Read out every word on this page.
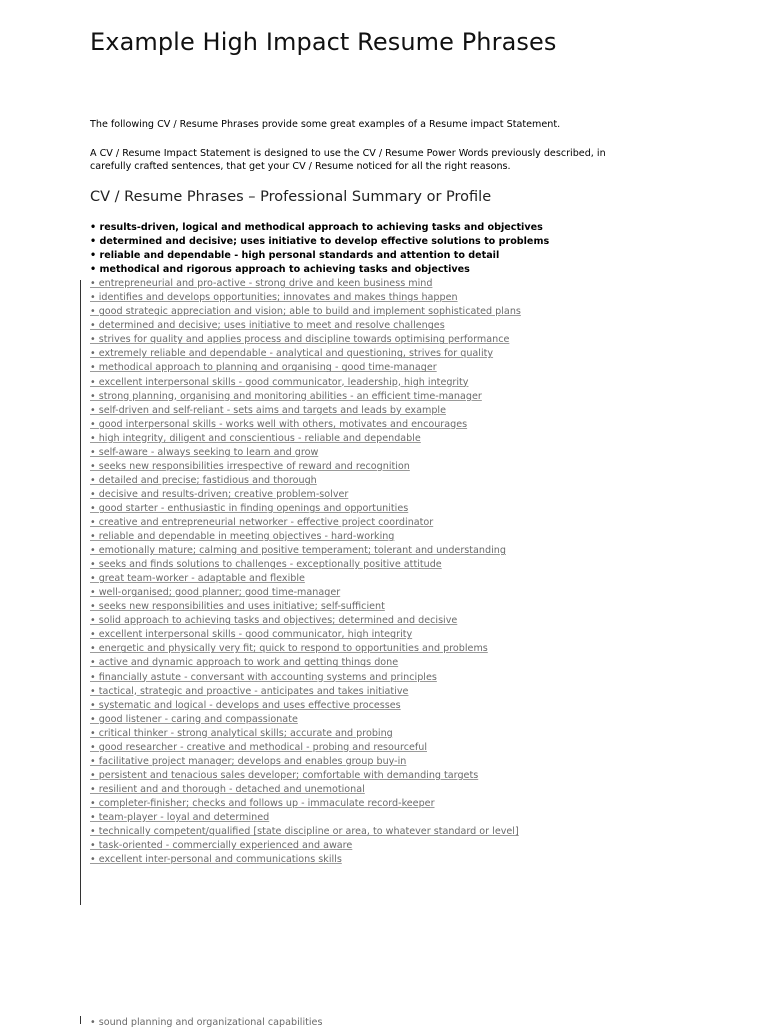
Example High Impact Resume Phrases
The following CV / Resume Phrases provide some great examples of a Resume impact Statement.
A CV / Resume Impact Statement is designed to use the CV / Resume Power Words previously described, in
carefully crafted sentences, that get your CV / Resume noticed for all the right reasons.
CV / Resume Phrases – Professional Summary or Profile
• results-driven, logical and methodical approach to achieving tasks and objectives
• determined and decisive; uses initiative to develop effective solutions to problems
• reliable and dependable - high personal standards and attention to detail
• methodical and rigorous approach to achieving tasks and objectives
• entrepreneurial and pro-active - strong drive and keen business mind
• identifies and develops opportunities; innovates and makes things happen
• good strategic appreciation and vision; able to build and implement sophisticated plans
• determined and decisive; uses initiative to meet and resolve challenges
• strives for quality and applies process and discipline towards optimising performance
• extremely reliable and dependable - analytical and questioning, strives for quality
• methodical approach to planning and organising - good time-manager
• excellent interpersonal skills - good communicator, leadership, high integrity
• strong planning, organising and monitoring abilities - an efficient time-manager
• self-driven and self-reliant - sets aims and targets and leads by example
• good interpersonal skills - works well with others, motivates and encourages
• high integrity, diligent and conscientious - reliable and dependable
• self-aware - always seeking to learn and grow
• seeks new responsibilities irrespective of reward and recognition
• detailed and precise; fastidious and thorough
• decisive and results-driven; creative problem-solver
• good starter - enthusiastic in finding openings and opportunities
• creative and entrepreneurial networker - effective project coordinator
• reliable and dependable in meeting objectives - hard-working
• emotionally mature; calming and positive temperament; tolerant and understanding
• seeks and finds solutions to challenges - exceptionally positive attitude
• great team-worker - adaptable and flexible
• well-organised; good planner; good time-manager
• seeks new responsibilities and uses initiative; self-sufficient
• solid approach to achieving tasks and objectives; determined and decisive
• excellent interpersonal skills - good communicator, high integrity
• energetic and physically very fit; quick to respond to opportunities and problems
• active and dynamic approach to work and getting things done
• financially astute - conversant with accounting systems and principles
• tactical, strategic and proactive - anticipates and takes initiative
• systematic and logical - develops and uses effective processes
• good listener - caring and compassionate
• critical thinker - strong analytical skills; accurate and probing
• good researcher - creative and methodical - probing and resourceful
• facilitative project manager; develops and enables group buy-in
• persistent and tenacious sales developer; comfortable with demanding targets
• resilient and and thorough - detached and unemotional
• completer-finisher; checks and follows up - immaculate record-keeper
• team-player - loyal and determined
• technically competent/qualified [state discipline or area, to whatever standard or level]
• task-oriented - commercially experienced and aware
• excellent inter-personal and communications skills
• sound planning and organizational capabilities
